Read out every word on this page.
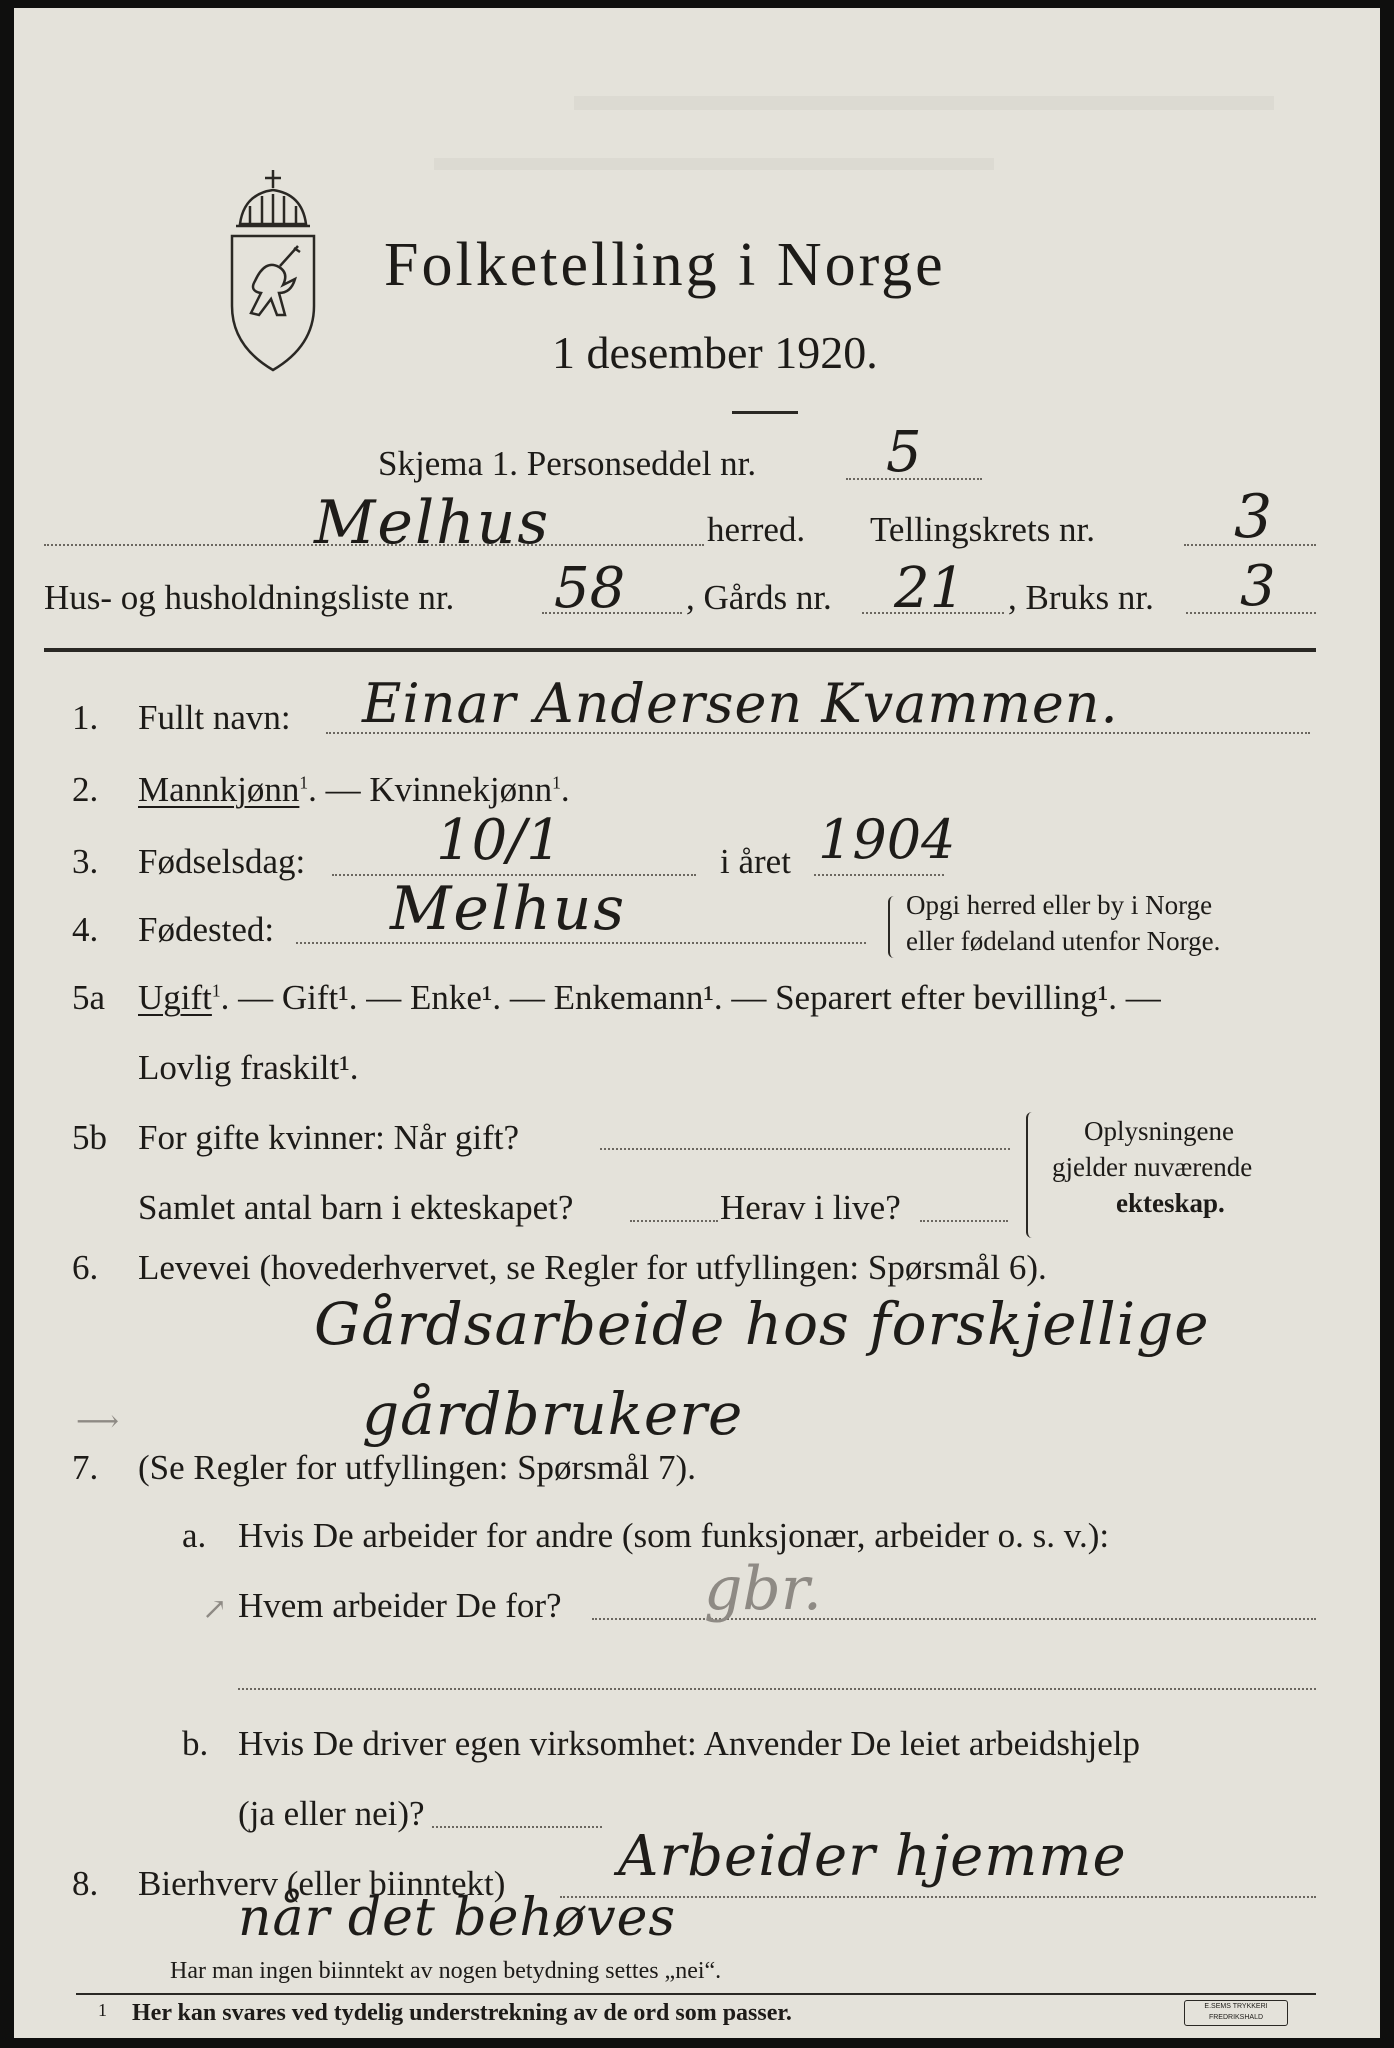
Folketelling i Norge
1 desember 1920.
Skjema 1. Personseddel nr. 5
Melhus	herred. Tellingskrets nr. 3
Hus- og husholdningsliste nr. 58 , Gårds nr. 21 , Bruks nr. 3
1. Fullt navn: Einar Andersen Kvammen.
2. Mannkjønn$^1$. — Kvinnekjønn$^1$.
3. Fødselsdag: 10/1	i året 1904
4. Fødested: Melhus	Opgi herred eller by i Norge
eller fødeland utenfor Norge.
5a Ugift$^1$. — Gift¹. — Enke¹. — Enkemann¹. — Separert efter bevilling¹. —
Lovlig fraskilt¹.
5b For gifte kvinner: Når gift?
Samlet antal barn i ekteskapet?	Herav i live?
Oplysningene
gjelder nuværende
ekteskap.
6. Levevei (hovederhvervet, se Regler for utfyllingen: Spørsmål 6).
Gårdsarbeide hos forskjellige
gårdbrukere
⟶
7. (Se Regler for utfyllingen: Spørsmål 7).
a. Hvis De arbeider for andre (som funksjonær, arbeider o. s. v.):
Hvem arbeider De for? gbr.
↗
b. Hvis De driver egen virksomhet: Anvender De leiet arbeidshjelp
(ja eller nei)?
8. Bierhverv (eller biinntekt) Arbeider hjemme
når det behøves
Har man ingen biinntekt av nogen betydning settes „nei“.
1 Her kan svares ved tydelig understrekning av de ord som passer.	E.SEMS TRYKKERI
FREDRIKSHALD
